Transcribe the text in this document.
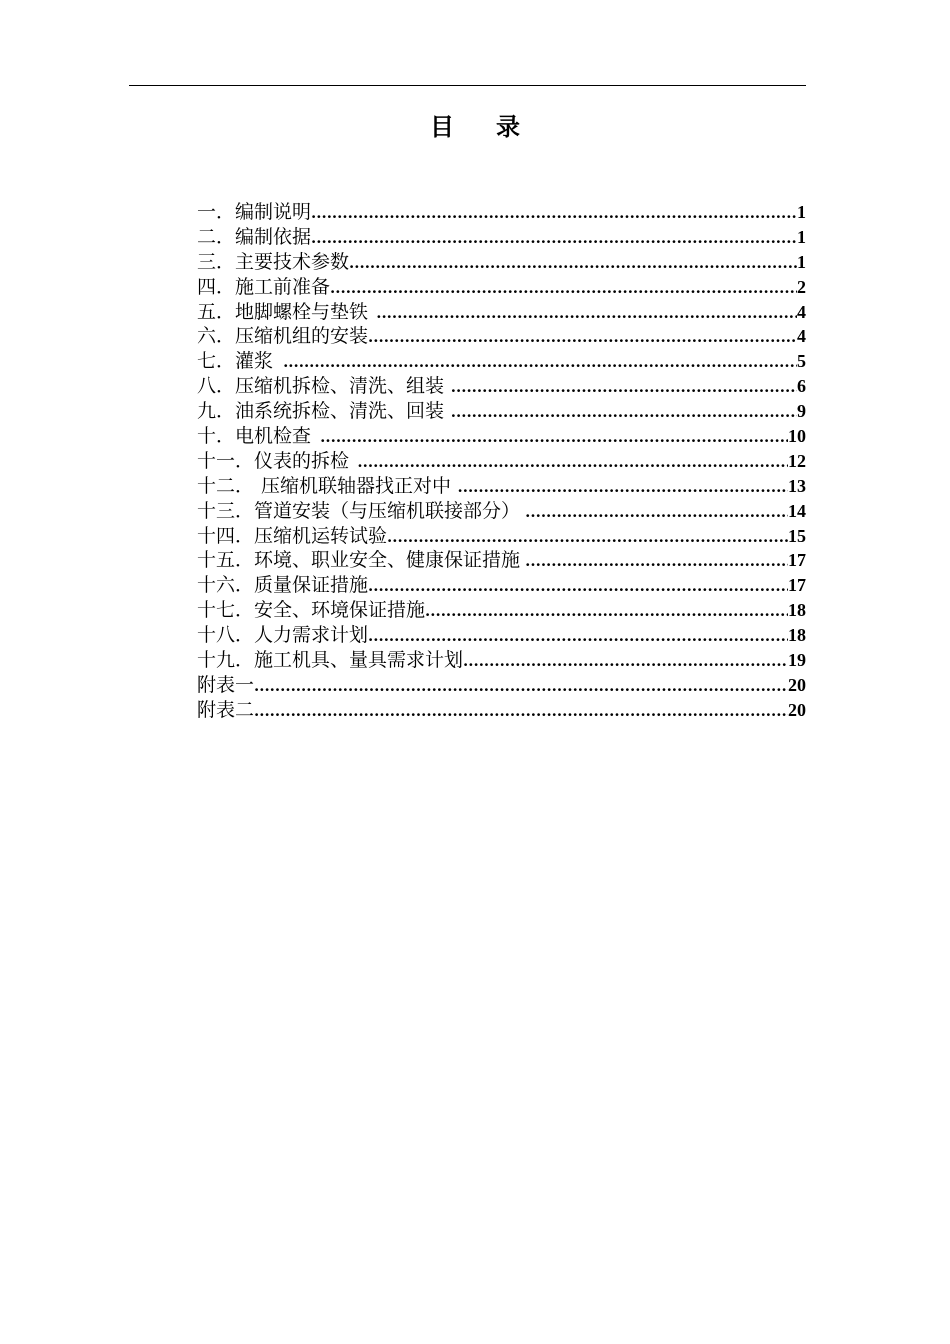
目 录
一． 编制说明 .....	1
二． 编制依据 .....	1
三． 主要技术参数 .....	1
四． 施工前准备 .....	2
五． 地脚螺栓与垫铁 .....	4
六． 压缩机组的安装 .....	4
七． 灌浆 .....	5
八． 压缩机拆检、清洗、组装 .....	6
九． 油系统拆检、清洗、回装 .....	9
十． 电机检查 .....	10
十一． 仪表的拆检 .....	12
十二． 压缩机联轴器找正对中 .....	13
十三． 管道安装（与压缩机联接部分） .....	14
十四． 压缩机运转试验 .....	15
十五． 环境、职业安全、健康保证措施 .....	17
十六． 质量保证措施 .....	17
十七． 安全、环境保证措施 .....	18
十八． 人力需求计划 .....	18
十九． 施工机具、量具需求计划 .....	19
附表一 .....	20
附表二 .....	20
